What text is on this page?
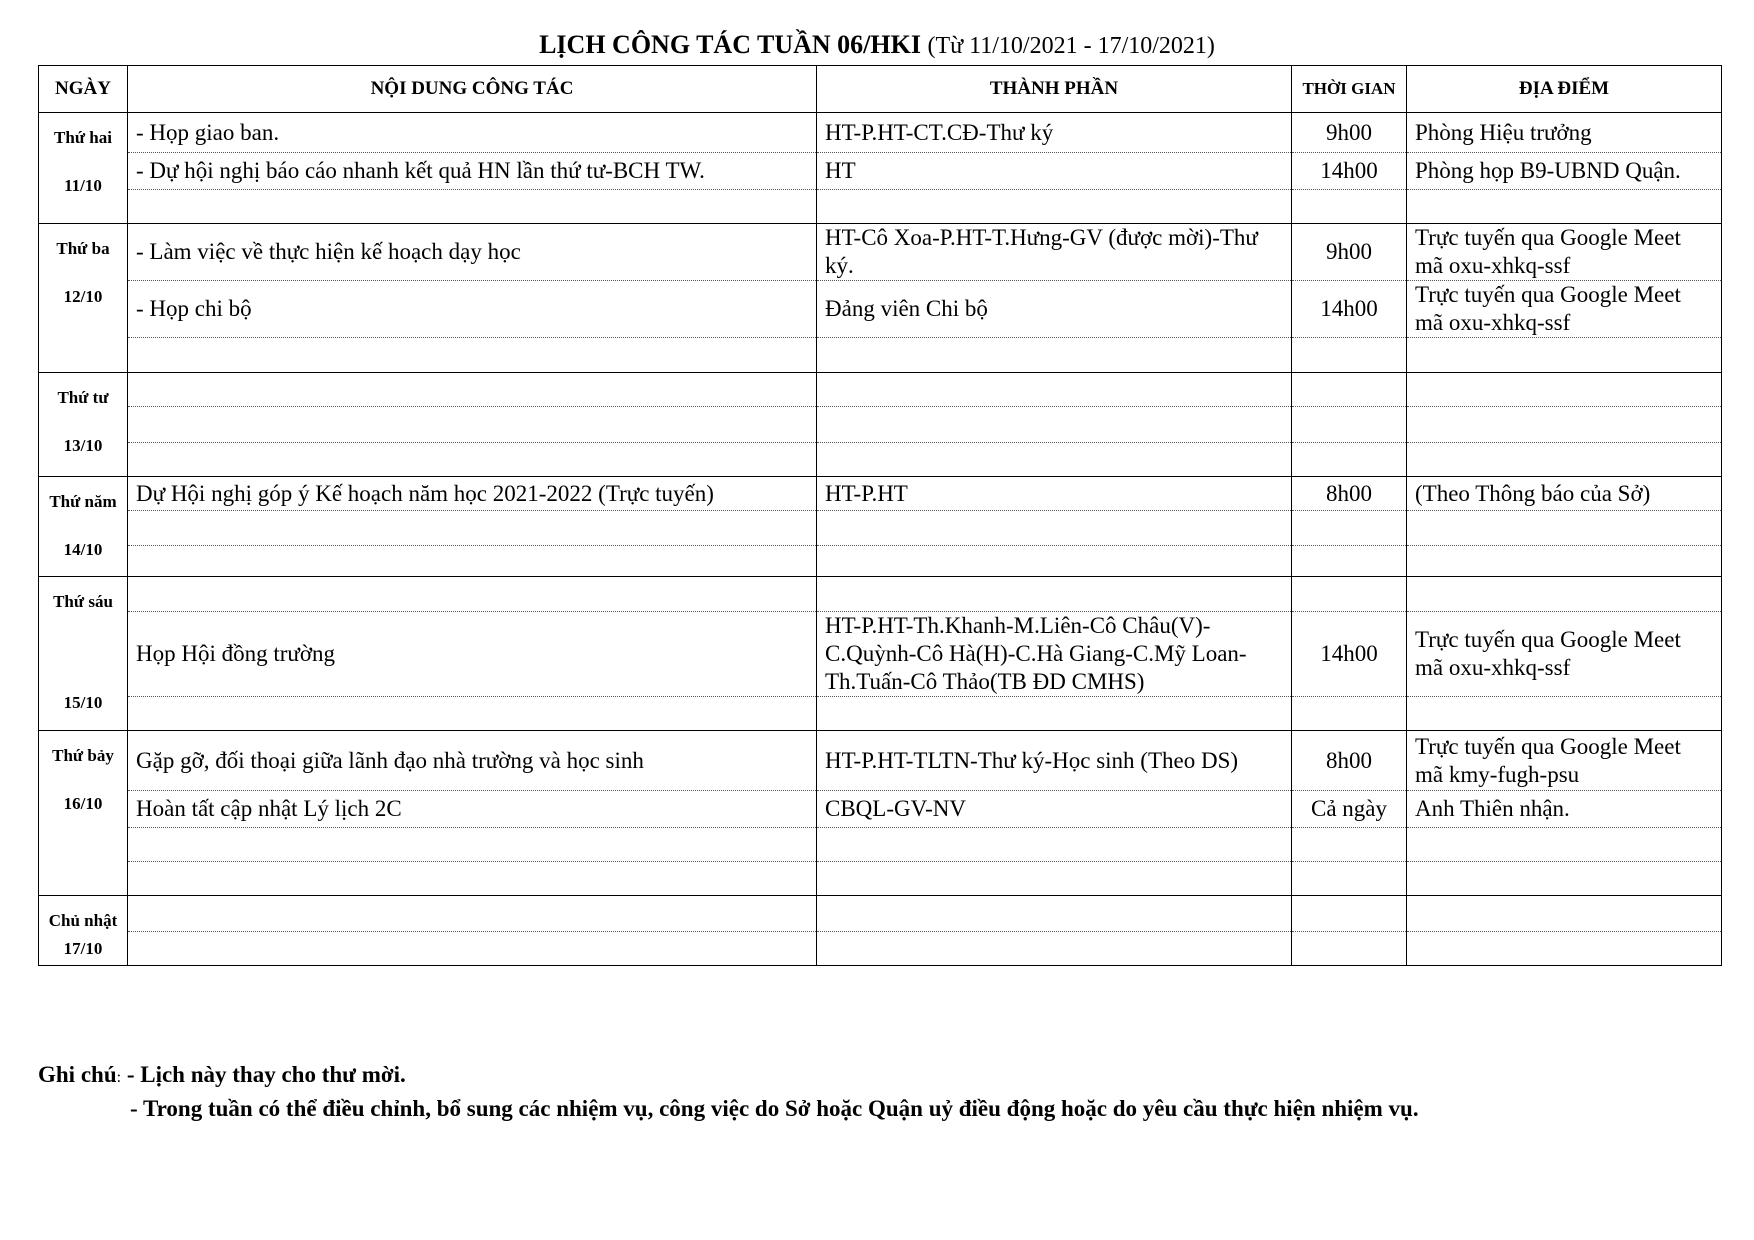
LỊCH CÔNG TÁC TUẦN 06/HKI (Từ 11/10/2021 - 17/10/2021)
NGÀY	NỘI DUNG CÔNG TÁC	THÀNH PHẦN	THỜI GIAN	ĐỊA ĐIỂM

Thứ hai
11/10	- Họp giao ban.	HT-P.HT-CT.CĐ-Thư ký	9h00	Phòng Hiệu trưởng
	- Dự hội nghị báo cáo nhanh kết quả HN lần thứ tư-BCH TW.	HT	14h00	Phòng họp B9-UBND Quận.

Thứ ba
12/10	- Làm việc về thực hiện kế hoạch dạy học	HT-Cô Xoa-P.HT-T.Hưng-GV (được mời)-Thư ký.	9h00	Trực tuyến qua Google Meet mã oxu-xhkq-ssf
	- Họp chi bộ	Đảng viên Chi bộ	14h00	Trực tuyến qua Google Meet mã oxu-xhkq-ssf

Thứ tư
13/10				

Thứ năm
14/10	Dự Hội nghị góp ý Kế hoạch năm học 2021-2022 (Trực tuyến)	HT-P.HT	8h00	(Theo Thông báo của Sở)

Thứ sáu
15/10				

	Họp Hội đồng trường	HT-P.HT-Th.Khanh-M.Liên-Cô Châu(V)-C.Quỳnh-Cô Hà(H)-C.Hà Giang-C.Mỹ Loan-Th.Tuấn-Cô Thảo(TB ĐD CMHS)	14h00	Trực tuyến qua Google Meet mã oxu-xhkq-ssf

Thứ bảy
16/10	Gặp gỡ, đối thoại giữa lãnh đạo nhà trường và học sinh	HT-P.HT-TLTN-Thư ký-Học sinh (Theo DS)	8h00	Trực tuyến qua Google Meet mã kmy-fugh-psu
	Hoàn tất cập nhật Lý lịch 2C	CBQL-GV-NV	Cả ngày	Anh Thiên nhận.

Chủ nhật
17/10				

Ghi chú: - Lịch này thay cho thư mời.
- Trong tuần có thể điều chỉnh, bổ sung các nhiệm vụ, công việc do Sở hoặc Quận uỷ điều động hoặc do yêu cầu thực hiện nhiệm vụ.
